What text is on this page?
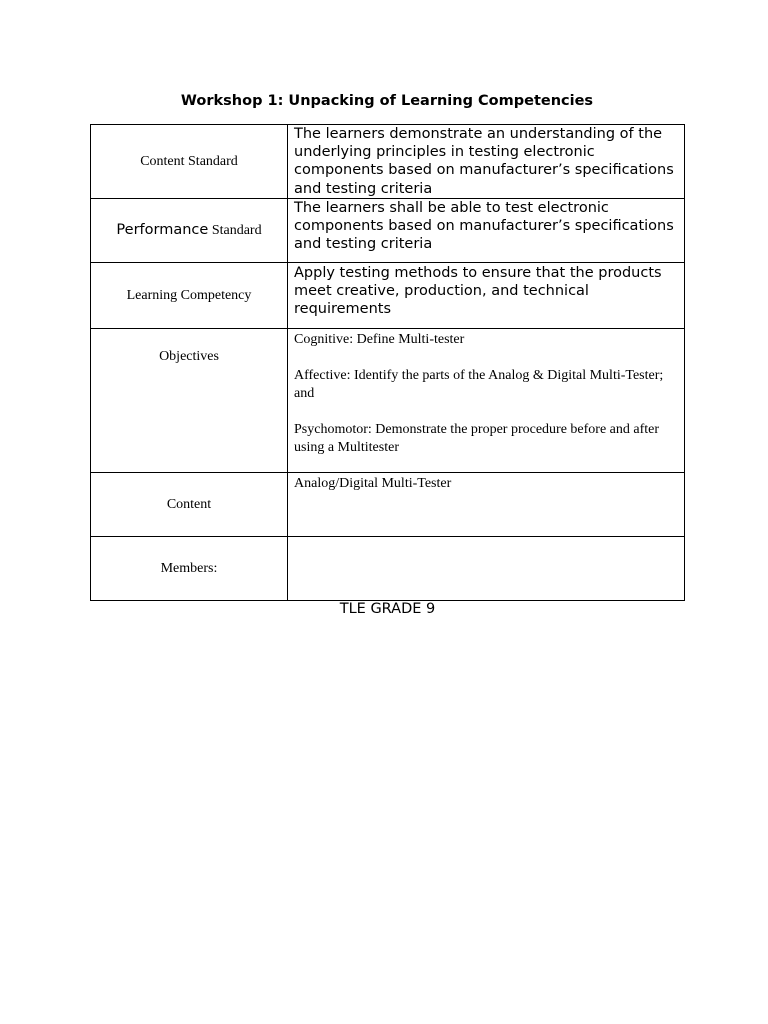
Workshop 1: Unpacking of Learning Competencies
Content Standard	The learners demonstrate an understanding of the underlying principles in testing electronic components based on manufacturer’s specifications and testing criteria

Performance Standard	The learners shall be able to test electronic components based on manufacturer’s specifications and testing criteria

Learning Competency	Apply testing methods to ensure that the products meet creative, production, and technical requirements

Objectives	Cognitive: Define Multi-tester

Affective: Identify the parts of the Analog & Digital Multi-Tester; and

Psychomotor: Demonstrate the proper procedure before and after using a Multitester

Content	Analog/Digital Multi-Tester

Members:	
TLE GRADE 9
